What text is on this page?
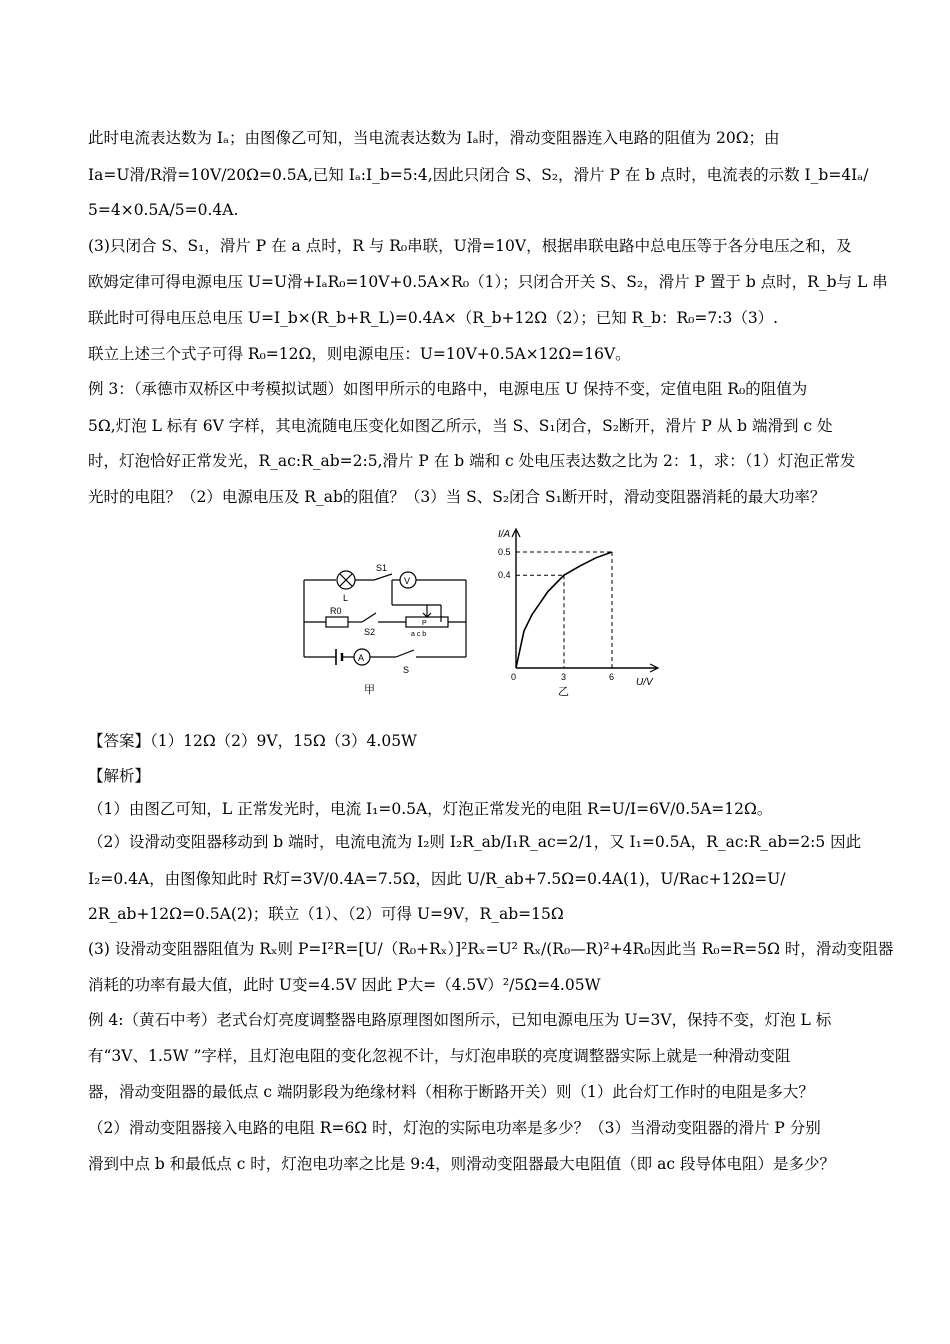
此时电流表达数为 Iₐ；由图像乙可知，当电流表达数为 Iₐ时，滑动变阻器连入电路的阻值为 20Ω；由
Ia=U滑/R滑=10V/20Ω=0.5A,已知 Iₐ:I_b=5:4,因此只闭合 S、S₂，滑片 P 在 b 点时，电流表的示数 I_b=4Iₐ/
5=4×0.5A/5=0.4A.
(3)只闭合 S、S₁，滑片 P 在 a 点时，R 与 R₀串联，U滑=10V，根据串联电路中总电压等于各分电压之和，及
欧姆定律可得电源电压 U=U滑+IₐR₀=10V+0.5A×R₀（1）；只闭合开关 S、S₂，滑片 P 置于 b 点时，R_b与 L 串
联此时可得电压总电压 U=I_b×(R_b+R_L)=0.4A×（R_b+12Ω（2）；已知 R_b：R₀=7:3（3）.
联立上述三个式子可得 R₀=12Ω，则电源电压：U=10V+0.5A×12Ω=16V。
例 3：（承德市双桥区中考模拟试题）如图甲所示的电路中，电源电压 U 保持不变，定值电阻 R₀的阻值为
5Ω,灯泡 L 标有 6V 字样，其电流随电压变化如图乙所示，当 S、S₁闭合，S₂断开，滑片 P 从 b 端滑到 c 处
时，灯泡恰好正常发光，R_ac:R_ab=2:5,滑片 P 在 b 端和 c 处电压表达数之比为 2：1，求：（1）灯泡正常发
光时的电阻？（2）电源电压及 R_ab的阻值？（3）当 S、S₂闭合 S₁断开时，滑动变阻器消耗的最大功率？
S1
L
V
R0
S2
P
a c b
A
S
甲
0	3	6
0.4
0.5
I/A
U/V
乙
【答案】（1）12Ω（2）9V，15Ω（3）4.05W
【解析】
（1）由图乙可知，L 正常发光时，电流 I₁=0.5A，灯泡正常发光的电阻 R=U/I=6V/0.5A=12Ω。
（2）设滑动变阻器移动到 b 端时，电流电流为 I₂则 I₂R_ab/I₁R_ac=2/1，又 I₁=0.5A，R_ac:R_ab=2:5 因此
I₂=0.4A，由图像知此时 R灯=3V/0.4A=7.5Ω，因此 U/R_ab+7.5Ω=0.4A(1)，U/Rac+12Ω=U/
2R_ab+12Ω=0.5A(2)；联立（1）、（2）可得 U=9V，R_ab=15Ω
(3) 设滑动变阻器阻值为 Rₓ则 P=I²R=[U/（R₀+Rₓ）]²Rₓ=U² Rₓ/(R₀—R)²+4R₀因此当 R₀=R=5Ω 时，滑动变阻器
消耗的功率有最大值，此时 U变=4.5V 因此 P大=（4.5V）²/5Ω=4.05W
例 4:（黄石中考）老式台灯亮度调整器电路原理图如图所示，已知电源电压为 U=3V，保持不变，灯泡 L 标
有“3V、1.5W ”字样，且灯泡电阻的变化忽视不计，与灯泡串联的亮度调整器实际上就是一种滑动变阻
器，滑动变阻器的最低点 c 端阴影段为绝缘材料（相称于断路开关）则（1）此台灯工作时的电阻是多大？
（2）滑动变阻器接入电路的电阻 R=6Ω 时，灯泡的实际电功率是多少？（3）当滑动变阻器的滑片 P 分别
滑到中点 b 和最低点 c 时，灯泡电功率之比是 9:4，则滑动变阻器最大电阻值（即 ac 段导体电阻）是多少？
